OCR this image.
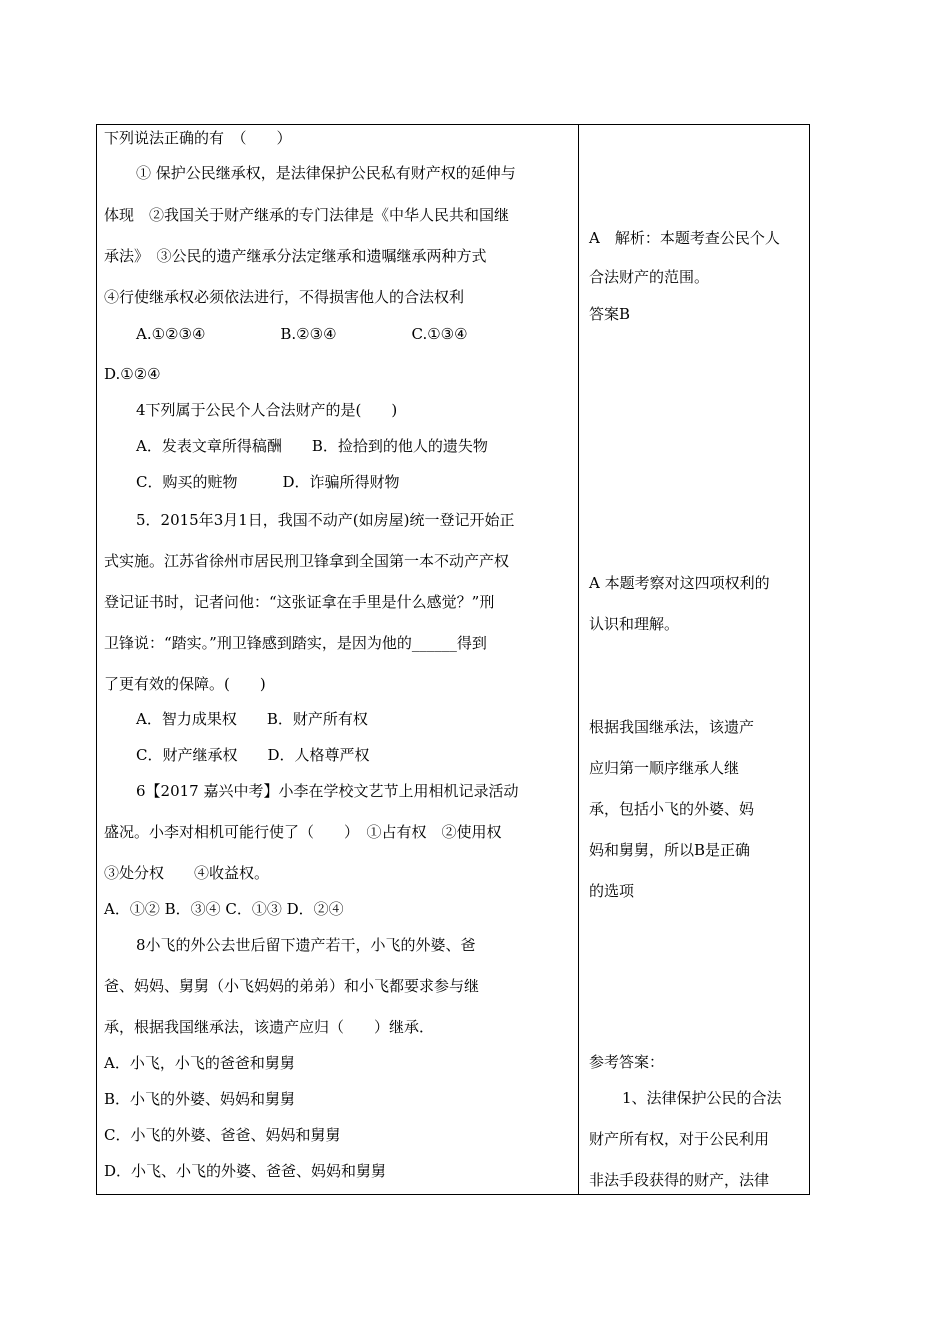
下列说法正确的有　（　　）
① 保护公民继承权，是法律保护公民私有财产权的延伸与
体现　②我国关于财产继承的专门法律是《中华人民共和国继
承法》　③公民的遗产继承分法定继承和遗嘱继承两种方式
④行使继承权必须依法进行，不得损害他人的合法权利
A.①②③④　　　　　B.②③④　　　　　C.①③④
D.①②④
4下列属于公民个人合法财产的是(　　)
A．发表文章所得稿酬　　B．捡拾到的他人的遗失物
C．购买的赃物　　　D．诈骗所得财物
5．2015年3月1日，我国不动产(如房屋)统一登记开始正
式实施。江苏省徐州市居民刑卫锋拿到全国第一本不动产产权
登记证书时，记者问他：“这张证拿在手里是什么感觉？”刑
卫锋说：“踏实。”刑卫锋感到踏实，是因为他的______得到
了更有效的保障。(　　)
A．智力成果权　　B．财产所有权
C．财产继承权　　D．人格尊严权
6【2017 嘉兴中考】小李在学校文艺节上用相机记录活动
盛况。小李对相机可能行使了（　　）　①占有权　②使用权
③处分权　　④收益权。
A．①② B．③④ C．①③ D．②④
8小飞的外公去世后留下遗产若干，小飞的外婆、爸
爸、妈妈、舅舅（小飞妈妈的弟弟）和小飞都要求参与继
承，根据我国继承法，该遗产应归（　　）继承．
A．小飞，小飞的爸爸和舅舅
B．小飞的外婆、妈妈和舅舅
C．小飞的外婆、爸爸、妈妈和舅舅
D．小飞、小飞的外婆、爸爸、妈妈和舅舅
A　解析：本题考查公民个人
合法财产的范围。
答案B
A 本题考察对这四项权利的
认识和理解。
根据我国继承法，该遗产
应归第一顺序继承人继
承，包括小飞的外婆、妈
妈和舅舅，所以B是正确
的选项
参考答案：
1、法律保护公民的合法
财产所有权，对于公民利用
非法手段获得的财产，法律
